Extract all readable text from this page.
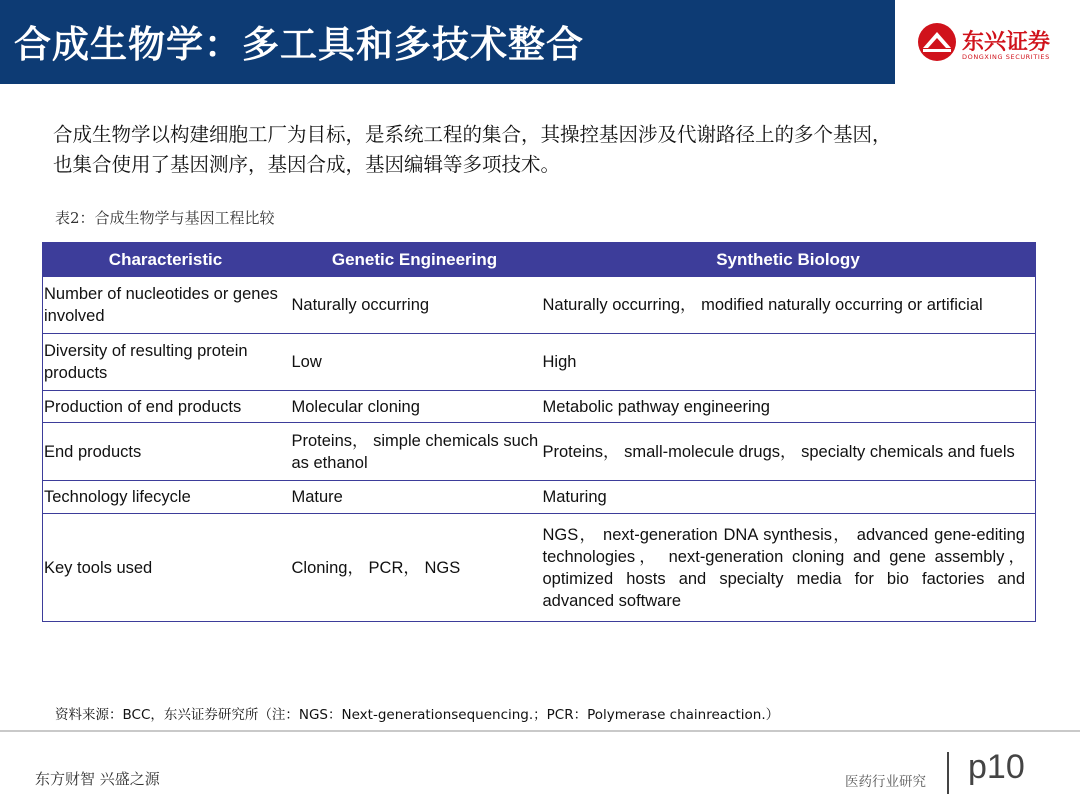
合成生物学：多工具和多技术整合	东兴证券
DONGXING SECURITIES
合成生物学以构建细胞工厂为目标，是系统工程的集合，其操控基因涉及代谢路径上的多个基因，
也集合使用了基因测序，基因合成，基因编辑等多项技术。
表2：合成生物学与基因工程比较
Characteristic	Genetic Engineering	Synthetic Biology
Number of nucleotides or genes involved	Naturally occurring	Naturally occurring， modified naturally occurring or artificial
Diversity of resulting protein products	Low	High
Production of end products	Molecular cloning	Metabolic pathway engineering
End products	Proteins， simple chemicals such as ethanol	Proteins， small-molecule drugs， specialty chemicals and fuels
Technology lifecycle	Mature	Maturing
Key tools used	Cloning， PCR， NGS	NGS， next-generation DNA synthesis， advanced gene-editing technologies， next-generation cloning and gene assembly， optimized hosts and specialty media for bio factories and advanced software
资料来源：BCC，东兴证券研究所（注：NGS：Next-generationsequencing.；PCR：Polymerase chainreaction.）
东方财智 兴盛之源	医药行业研究 p10
